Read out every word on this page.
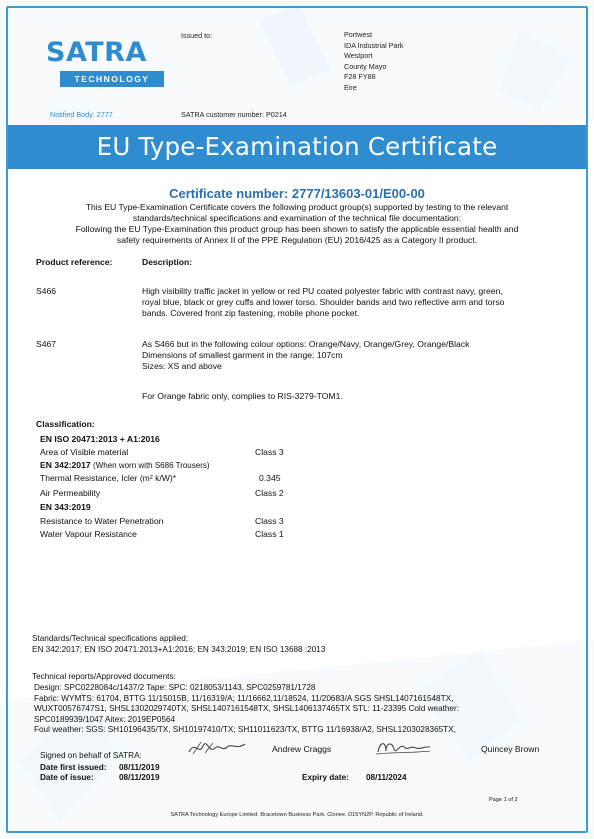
SATRA
TECHNOLOGY
Issued to:	Portwest
IDA Industrial Park
Westport
County Mayo
F28 FY88
Eire
Notified Body: 2777	SATRA customer number: P0214
EU Type-Examination Certificate
Certificate number: 2777/13603-01/E00-00
This EU Type-Examination Certificate covers the following product group(s) supported by testing to the relevant
standards/technical specifications and examination of the technical file documentation:
Following the EU Type-Examination this product group has been shown to satisfy the applicable essential health and
safety requirements of Annex II of the PPE Regulation (EU) 2016/425 as a Category II product.
Product reference:	Description:
S466	High visibility traffic jacket in yellow or red PU coated polyester fabric with contrast navy, green,
royal blue, black or grey cuffs and lower torso. Shoulder bands and two reflective arm and torso
bands. Covered front zip fastening, mobile phone pocket.
S467	As S466 but in the following colour options: Orange/Navy, Orange/Grey, Orange/Black
Dimensions of smallest garment in the range: 107cm
Sizes: XS and above
For Orange fabric only, complies to RIS-3279-TOM1.
Classification:
EN ISO 20471:2013 + A1:2016
Area of Visible material	Class 3
EN 342:2017 (When worn with S686 Trousers)
Thermal Resistance, Icler (m² k/W)*	0.345
Air Permeability	Class 2
EN 343:2019
Resistance to Water Penetration	Class 3
Water Vapour Resistance	Class 1
Standards/Technical specifications applied:
EN 342:2017; EN ISO 20471:2013+A1:2016; EN 343:2019; EN ISO 13688 :2013
Technical reports/Approved documents:
Design: SPC0228084c/1437/2 Tape: SPC: 0218053/1143, SPC0259781/1728
Fabric: WYMTS: 61704, BTTG 11/15015B, 11/16319/A; 11/16662,11/18524, 11/20683/A SGS SHSL1407161548TX,
WUXT00576747S1, SHSL1302029740TX, SHSL1407161548TX, SHSL1406137465TX STL: 11-23395 Cold weather:
SPC0189939/1047 Aitex: 2019EP0564
Foul weather: SGS: SH10196435/TX, SH10197410/TX; SH11011623/TX, BTTG 11/16938/A2, SHSL1203028365TX,
Signed on behalf of SATRA:
Andrew Craggs	Quincey Brown
Date first issued: 08/11/2019
Date of issue:	08/11/2019	Expiry date: 08/11/2024
Page 1 of 2
SATRA Technology Europe Limited. Bracetown Business Park. Clonee. D15YN2P. Republic of Ireland.
